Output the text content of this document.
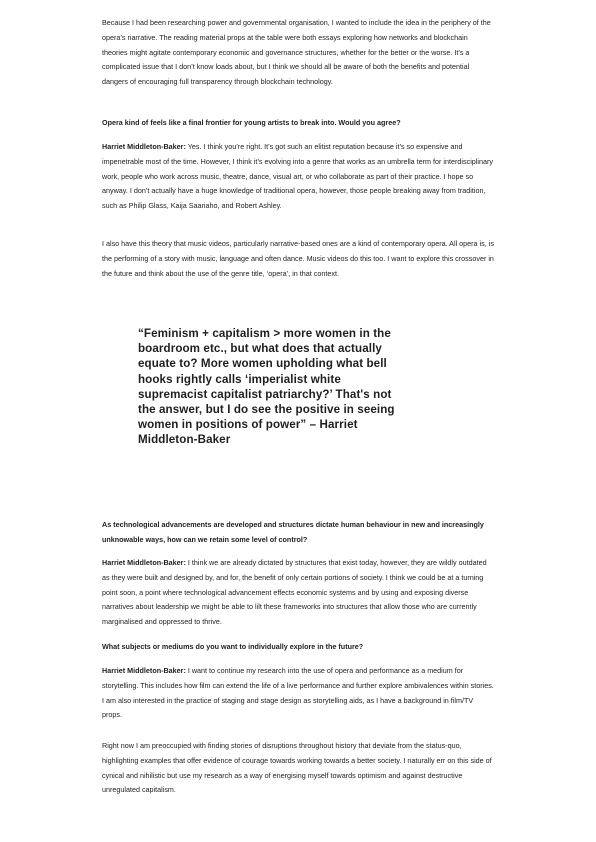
Because I had been researching power and governmental organisation, I wanted to include the idea in the periphery of the opera’s narrative. The reading material props at the table were both essays exploring how networks and blockchain theories might agitate contemporary economic and governance structures, whether for the better or the worse. It’s a complicated issue that I don’t know loads about, but I think we should all be aware of both the benefits and potential dangers of encouraging full transparency through blockchain technology.

Opera kind of feels like a final frontier for young artists to break into. Would you agree?

Harriet Middleton-Baker: Yes. I think you’re right. It’s got such an elitist reputation because it’s so expensive and impenetrable most of the time. However, I think it’s evolving into a genre that works as an umbrella term for interdisciplinary work, people who work across music, theatre, dance, visual art, or who collaborate as part of their practice. I hope so anyway. I don’t actually have a huge knowledge of traditional opera, however, those people breaking away from tradition, such as Philip Glass, Kaija Saariaho, and Robert Ashley.

I also have this theory that music videos, particularly narrative-based ones are a kind of contemporary opera. All opera is, is the performing of a story with music, language and often dance. Music videos do this too. I want to explore this crossover in the future and think about the use of the genre title, ‘opera’, in that context.

“Feminism + capitalism > more women in the boardroom etc., but what does that actually equate to? More women upholding what bell hooks rightly calls ‘imperialist white supremacist capitalist patriarchy?’ That's not the answer, but I do see the positive in seeing women in positions of power” – Harriet Middleton-Baker

As technological advancements are developed and structures dictate human behaviour in new and increasingly unknowable ways, how can we retain some level of control?

Harriet Middleton-Baker: I think we are already dictated by structures that exist today, however, they are wildly outdated as they were built and designed by, and for, the benefit of only certain portions of society. I think we could be at a turning point soon, a point where technological advancement effects economic systems and by using and exposing diverse narratives about leadership we might be able to lilt these frameworks into structures that allow those who are currently marginalised and oppressed to thrive.

What subjects or mediums do you want to individually explore in the future?

Harriet Middleton-Baker: I want to continue my research into the use of opera and performance as a medium for storytelling. This includes how film can extend the life of a live performance and further explore ambivalences within stories. I am also interested in the practice of staging and stage design as storytelling aids, as I have a background in film/TV props.

Right now I am preoccupied with finding stories of disruptions throughout history that deviate from the status-quo, highlighting examples that offer evidence of courage towards working towards a better society. I naturally err on this side of cynical and nihilistic but use my research as a way of energising myself towards optimism and against destructive unregulated capitalism.
